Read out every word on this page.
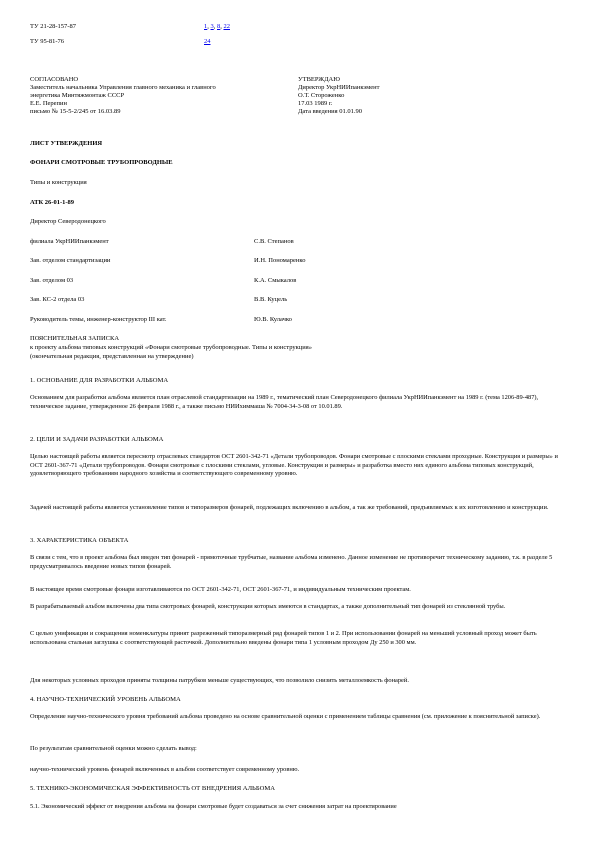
ТУ 21-28-157-87	1, 3, 8, 22
ТУ 95-81-76	24
СОГЛАСОВАНО
Заместитель начальника Управления главного механика и главного
энергетика Минтяжмонтаж СССР
Е.Е. Перепин
письмо № 15-5-2/245 от 16.03.89
УТВЕРЖДАЮ
Директор УкрНИИпанкэмент
О.Т. Стороженко
17.03 1989 г.
Дата введения 01.01.90
ЛИСТ УТВЕРЖДЕНИЯ
ФОНАРИ СМОТРОВЫЕ ТРУБОПРОВОДНЫЕ
Типы и конструкция
АТК 26-01-1-89
Директор Северодонецкого
филиала УкрНИИпанкэмент	С.В. Степанов
Зав. отделом стандартизации	И.Н. Пономаренко
Зав. отделом 03	К.А. Смыкалов
Зав. КС-2 отдела 03	В.В. Куцель
Руководитель темы, инженер-конструктор III кат.	Ю.В. Кулачко
ПОЯСНИТЕЛЬНАЯ ЗАПИСКА
к проекту альбома типовых конструкций «Фонари смотровые трубопроводные. Типы и конструкция»
(окончательная редакция, представленная на утверждение)
1. ОСНОВАНИЕ ДЛЯ РАЗРАБОТКИ АЛЬБОМА
Основанием для разработки альбома является план отраслевой стандартизации на 1989 г., тематический план Северодонецкого филиала УкрНИИпанкэмент на 1989 г. (тема 1206-89-487), техническое задание, утвержденное 26 февраля 1988 г., а также письмо НИИхиммаша № 7004-34-3-08 от 10.01.89.
2. ЦЕЛИ И ЗАДАЧИ РАЗРАБОТКИ АЛЬБОМА
Целью настоящей работы является пересмотр отраслевых стандартов ОСТ 2601-342-71 «Детали трубопроводов. Фонари смотровые с плоскими стеклами проходные. Конструкция и размеры» и ОСТ 2601-367-71 «Детали трубопроводов. Фонари смотровые с плоскими стеклами, угловые. Конструкция и размеры» и разработка вместо них единого альбома типовых конструкций, удовлетворяющего требованиям народного хозяйства и соответствующего современному уровню.
Задачей настоящей работы является установление типов и типоразмеров фонарей, подлежащих включению в альбом, а так же требований, предъявляемых к их изготовлению и конструкции.
3. ХАРАКТЕРИСТИКА ОБЪЕКТА
В связи с тем, что в проект альбома был введен тип фонарей - прямоточные трубчатые, название альбома изменено. Данное изменение не противоречит техническому заданию, т.к. в разделе 5 предусматривалось введение новых типов фонарей.
В настоящее время смотровые фонари изготавливаются по ОСТ 2601-342-71, ОСТ 2601-367-71, и индивидуальным техническим проектам.
В разрабатываемый альбом включены два типа смотровых фонарей, конструкции которых имеются в стандартах, а также дополнительный тип фонарей из стеклянной трубы.
С целью унификации и сокращения номенклатуры принят разреженный типоразмерный ряд фонарей типов 1 и 2. При использовании фонарей на меньший условный проход может быть использована стальная заглушка с соответствующей расточкой. Дополнительно введены фонари типа 1 условным проходом Ду 250 и 300 мм.
Для некоторых условных проходов приняты толщины патрубков меньше существующих, что позволило снизить металлоемкость фонарей.
4. НАУЧНО-ТЕХНИЧЕСКИЙ УРОВЕНЬ АЛЬБОМА
Определение научно-технического уровня требований альбома проведено на основе сравнительной оценки с применением таблицы сравнения (см. приложение к пояснительной записке).
По результатам сравнительной оценки можно сделать вывод:
научно-технический уровень фонарей включенных в альбом соответствует современному уровню.
5. ТЕХНИКО-ЭКОНОМИЧЕСКАЯ ЭФФЕКТИВНОСТЬ ОТ ВНЕДРЕНИЯ АЛЬБОМА
5.1. Экономический эффект от внедрения альбома на фонари смотровые будет создаваться за счет снижения затрат на проектирование
